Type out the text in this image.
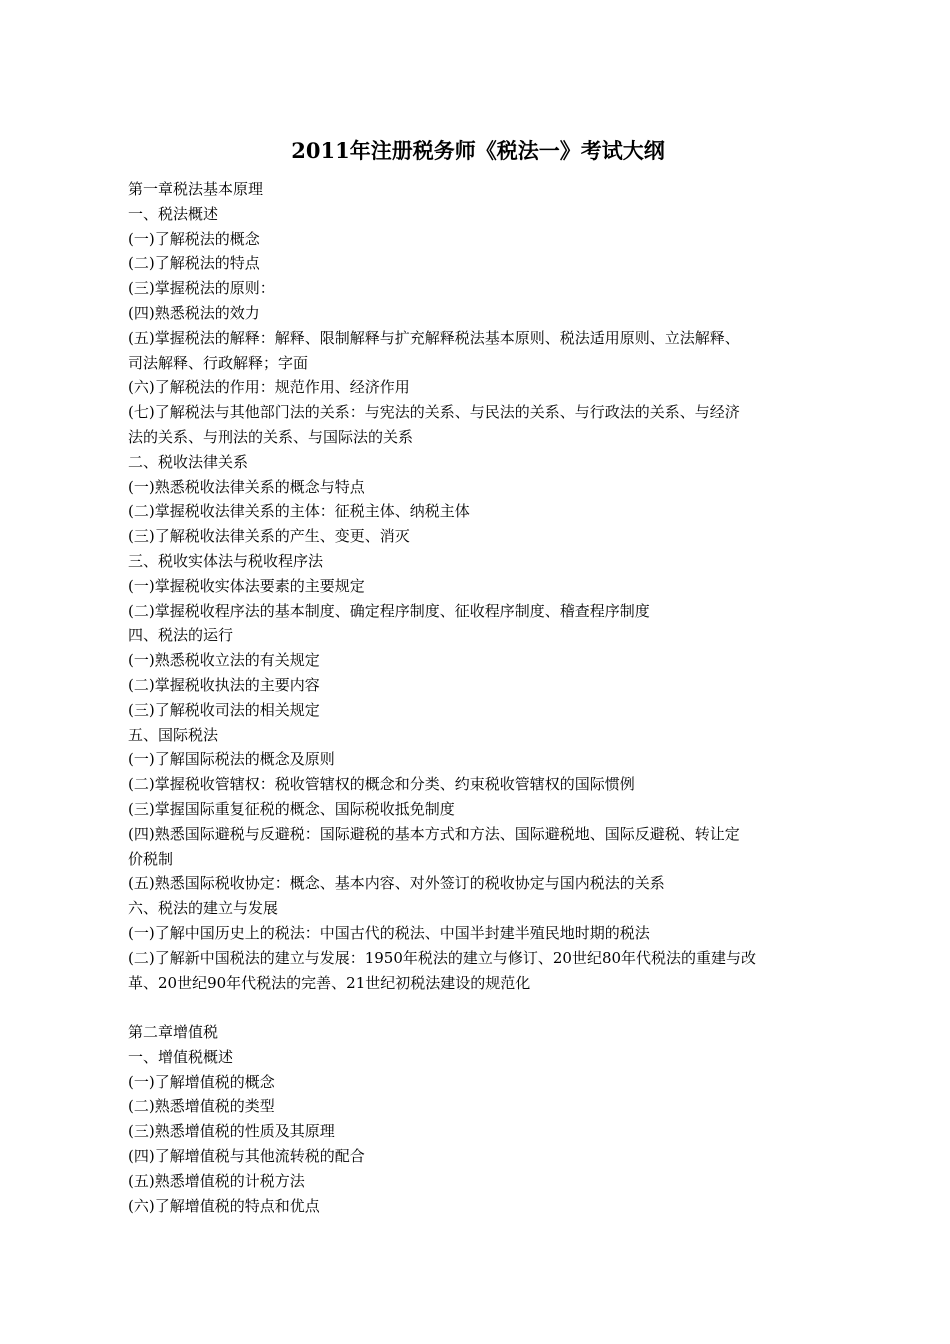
2011年注册税务师《税法一》考试大纲
第一章税法基本原理
一、税法概述
(一)了解税法的概念
(二)了解税法的特点
(三)掌握税法的原则：
(四)熟悉税法的效力
(五)掌握税法的解释：解释、限制解释与扩充解释税法基本原则、税法适用原则、立法解释、
司法解释、行政解释；字面
(六)了解税法的作用：规范作用、经济作用
(七)了解税法与其他部门法的关系：与宪法的关系、与民法的关系、与行政法的关系、与经济
法的关系、与刑法的关系、与国际法的关系
二、税收法律关系
(一)熟悉税收法律关系的概念与特点
(二)掌握税收法律关系的主体：征税主体、纳税主体
(三)了解税收法律关系的产生、变更、消灭
三、税收实体法与税收程序法
(一)掌握税收实体法要素的主要规定
(二)掌握税收程序法的基本制度、确定程序制度、征收程序制度、稽查程序制度
四、税法的运行
(一)熟悉税收立法的有关规定
(二)掌握税收执法的主要内容
(三)了解税收司法的相关规定
五、国际税法
(一)了解国际税法的概念及原则
(二)掌握税收管辖权：税收管辖权的概念和分类、约束税收管辖权的国际惯例
(三)掌握国际重复征税的概念、国际税收抵免制度
(四)熟悉国际避税与反避税：国际避税的基本方式和方法、国际避税地、国际反避税、转让定
价税制
(五)熟悉国际税收协定：概念、基本内容、对外签订的税收协定与国内税法的关系
六、税法的建立与发展
(一)了解中国历史上的税法：中国古代的税法、中国半封建半殖民地时期的税法
(二)了解新中国税法的建立与发展：1950年税法的建立与修订、20世纪80年代税法的重建与改
革、20世纪90年代税法的完善、21世纪初税法建设的规范化
第二章增值税
一、增值税概述
(一)了解增值税的概念
(二)熟悉增值税的类型
(三)熟悉增值税的性质及其原理
(四)了解增值税与其他流转税的配合
(五)熟悉增值税的计税方法
(六)了解增值税的特点和优点
